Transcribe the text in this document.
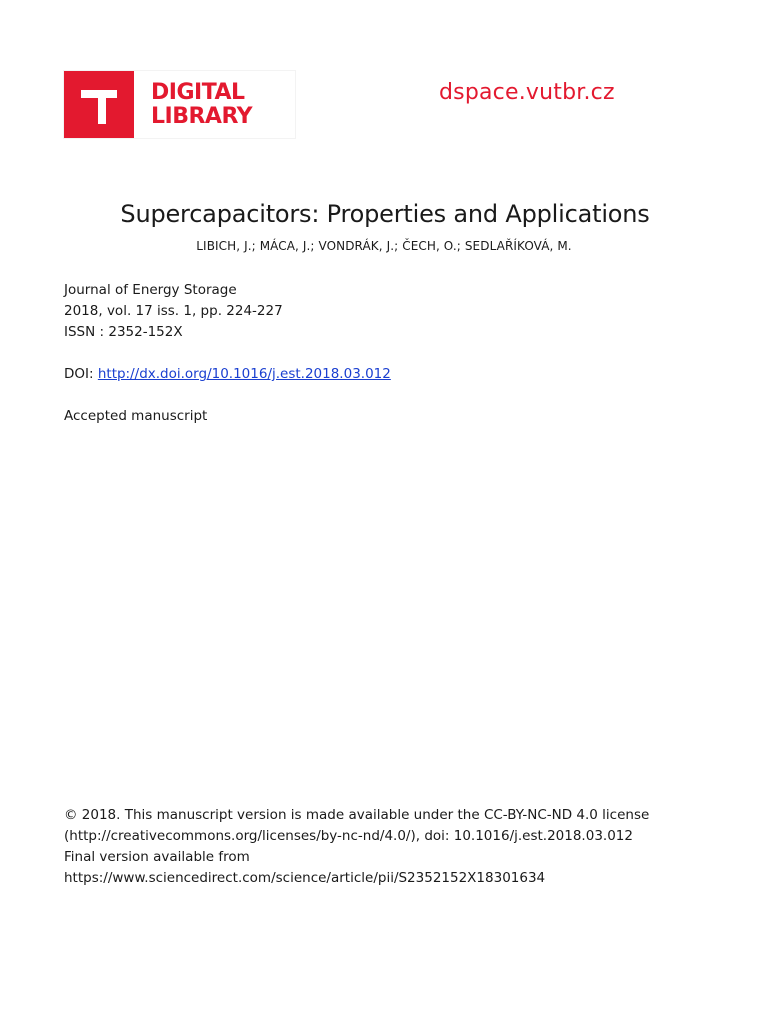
DIGITAL
LIBRARY
dspace.vutbr.cz
Supercapacitors: Properties and Applications
LIBICH, J.; MÁCA, J.; VONDRÁK, J.; ČECH, O.; SEDLAŘÍKOVÁ, M.
Journal of Energy Storage
2018, vol. 17 iss. 1, pp. 224-227
ISSN : 2352-152X
DOI: http://dx.doi.org/10.1016/j.est.2018.03.012
Accepted manuscript
© 2018. This manuscript version is made available under the CC-BY-NC-ND 4.0 license
(http://creativecommons.org/licenses/by-nc-nd/4.0/), doi: 10.1016/j.est.2018.03.012
Final version available from
https://www.sciencedirect.com/science/article/pii/S2352152X18301634
